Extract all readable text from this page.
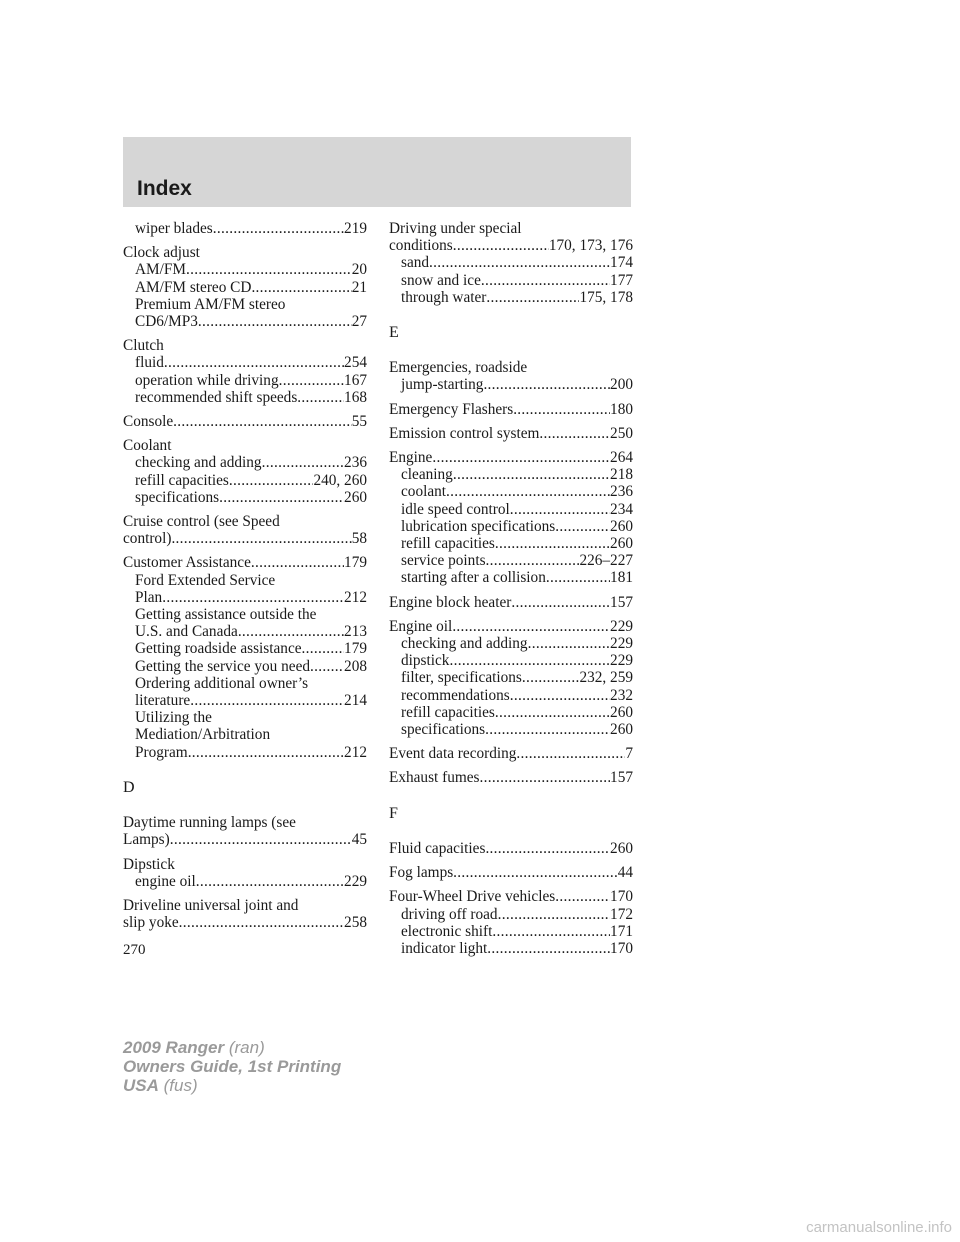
Index
wiper blades .....	219
Clock adjust
AM/FM .....	20
AM/FM stereo CD .....	21
Premium AM/FM stereo
CD6/MP3 .....	27
Clutch
fluid .....	254
operation while driving .....	167
recommended shift speeds .....	168
Console .....	55
Coolant
checking and adding .....	236
refill capacities .....	240, 260
specifications .....	260
Cruise control (see Speed
control) .....	58
Customer Assistance .....	179
Ford Extended Service
Plan .....	212
Getting assistance outside the
U.S. and Canada .....	213
Getting roadside assistance .....	179
Getting the service you need ..... 208
Ordering additional owner’s
literature .....	214
Utilizing the
Mediation/Arbitration
Program .....	212
D
Daytime running lamps (see
Lamps) .....	45
Dipstick
engine oil .....	229
Driveline universal joint and
slip yoke .....	258
Driving under special
conditions .....	170, 173, 176
sand .....	174
snow and ice .....	177
through water .....	175, 178
E
Emergencies, roadside
jump-starting .....	200
Emergency Flashers .....	180
Emission control system .....	250
Engine .....	264
cleaning .....	218
coolant .....	236
idle speed control .....	234
lubrication specifications .....	260
refill capacities .....	260
service points .....	226–227
starting after a collision .....	181
Engine block heater .....	157
Engine oil .....	229
checking and adding .....	229
dipstick .....	229
filter, specifications .....	232, 259
recommendations .....	232
refill capacities .....	260
specifications .....	260
Event data recording .....	7
Exhaust fumes .....	157
F
Fluid capacities .....	260
Fog lamps .....	44
Four-Wheel Drive vehicles .....	170
driving off road .....	172
electronic shift .....	171
indicator light .....	170
270
2009 Ranger (ran)
Owners Guide, 1st Printing
USA (fus)
carmanualsonline.info
